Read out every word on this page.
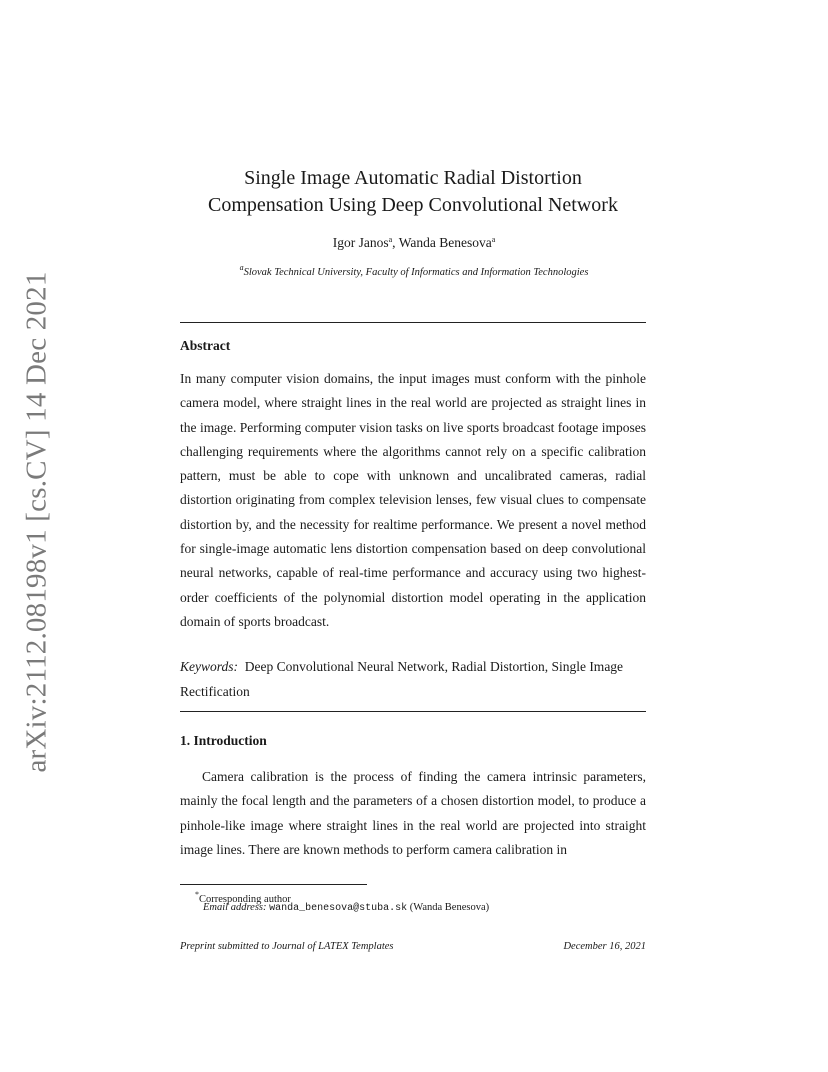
arXiv:2112.08198v1 [cs.CV] 14 Dec 2021
Single Image Automatic Radial Distortion
Compensation Using Deep Convolutional Network
Igor Janos$^a$, Wanda Benesova$^a$
$^a$Slovak Technical University, Faculty of Informatics and Information Technologies
Abstract
In many computer vision domains, the input images must conform with the pinhole camera model, where straight lines in the real world are projected as straight lines in the image. Performing computer vision tasks on live sports broadcast footage imposes challenging requirements where the algorithms cannot rely on a specific calibration pattern, must be able to cope with unknown and uncalibrated cameras, radial distortion originating from complex television lenses, few visual clues to compensate distortion by, and the necessity for realtime performance. We present a novel method for single-image automatic lens distortion compensation based on deep convolutional neural networks, capable of real-time performance and accuracy using two highest-order coefficients of the polynomial distortion model operating in the application domain of sports broadcast.
Keywords: Deep Convolutional Neural Network, Radial Distortion, Single Image Rectification
1. Introduction
Camera calibration is the process of finding the camera intrinsic parameters, mainly the focal length and the parameters of a chosen distortion model, to produce a pinhole-like image where straight lines in the real world are projected into straight image lines. There are known methods to perform camera calibration in
*Corresponding author
Email address: wanda_benesova@stuba.sk (Wanda Benesova)
Preprint submitted to Journal of LATEX Templates	December 16, 2021
